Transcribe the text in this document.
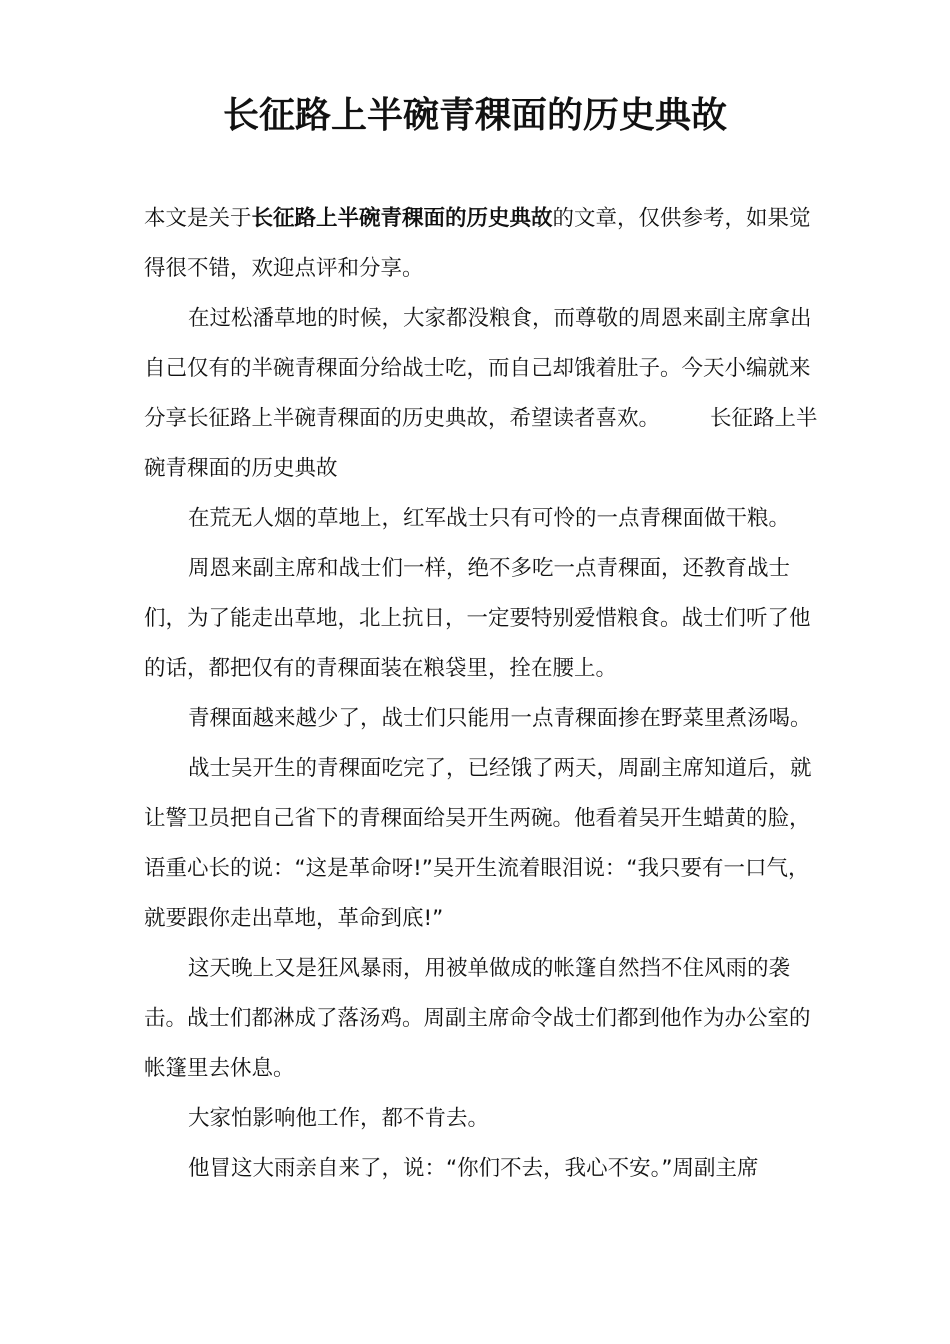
长征路上半碗青稞面的历史典故

本文是关于长征路上半碗青稞面的历史典故的文章，仅供参考，如果觉得很不错，欢迎点评和分享。

在过松潘草地的时候，大家都没粮食，而尊敬的周恩来副主席拿出自己仅有的半碗青稞面分给战士吃，而自己却饿着肚子。今天小编就来分享长征路上半碗青稞面的历史典故，希望读者喜欢。 长征路上半碗青稞面的历史典故

在荒无人烟的草地上，红军战士只有可怜的一点青稞面做干粮。

周恩来副主席和战士们一样，绝不多吃一点青稞面，还教育战士们，为了能走出草地，北上抗日，一定要特别爱惜粮食。战士们听了他的话，都把仅有的青稞面装在粮袋里，拴在腰上。

青稞面越来越少了，战士们只能用一点青稞面掺在野菜里煮汤喝。

战士吴开生的青稞面吃完了，已经饿了两天，周副主席知道后，就让警卫员把自己省下的青稞面给吴开生两碗。他看着吴开生蜡黄的脸，语重心长的说：“这是革命呀!”吴开生流着眼泪说：“我只要有一口气，就要跟你走出草地，革命到底!”

这天晚上又是狂风暴雨，用被单做成的帐篷自然挡不住风雨的袭击。战士们都淋成了落汤鸡。周副主席命令战士们都到他作为办公室的帐篷里去休息。

大家怕影响他工作，都不肯去。

他冒这大雨亲自来了，说：“你们不去，我心不安。”周副主席
